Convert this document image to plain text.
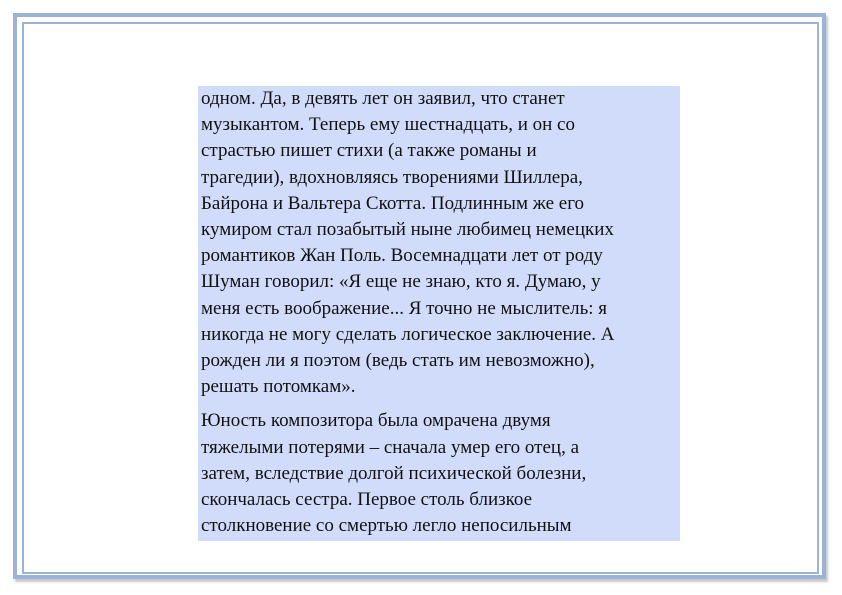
одном. Да, в девять лет он заявил, что станет
музыкантом. Теперь ему шестнадцать, и он со
страстью пишет стихи (а также романы и
трагедии), вдохновляясь творениями Шиллера,
Байрона и Вальтера Скотта. Подлинным же его
кумиром стал позабытый ныне любимец немецких
романтиков Жан Поль. Восемнадцати лет от роду
Шуман говорил: «Я еще не знаю, кто я. Думаю, у
меня есть воображение... Я точно не мыслитель: я
никогда не могу сделать логическое заключение. А
рожден ли я поэтом (ведь стать им невозможно),
решать потомкам».

Юность композитора была омрачена двумя
тяжелыми потерями – сначала умер его отец, а
затем, вследствие долгой психической болезни,
скончалась сестра. Первое столь близкое
столкновение со смертью легло непосильным
